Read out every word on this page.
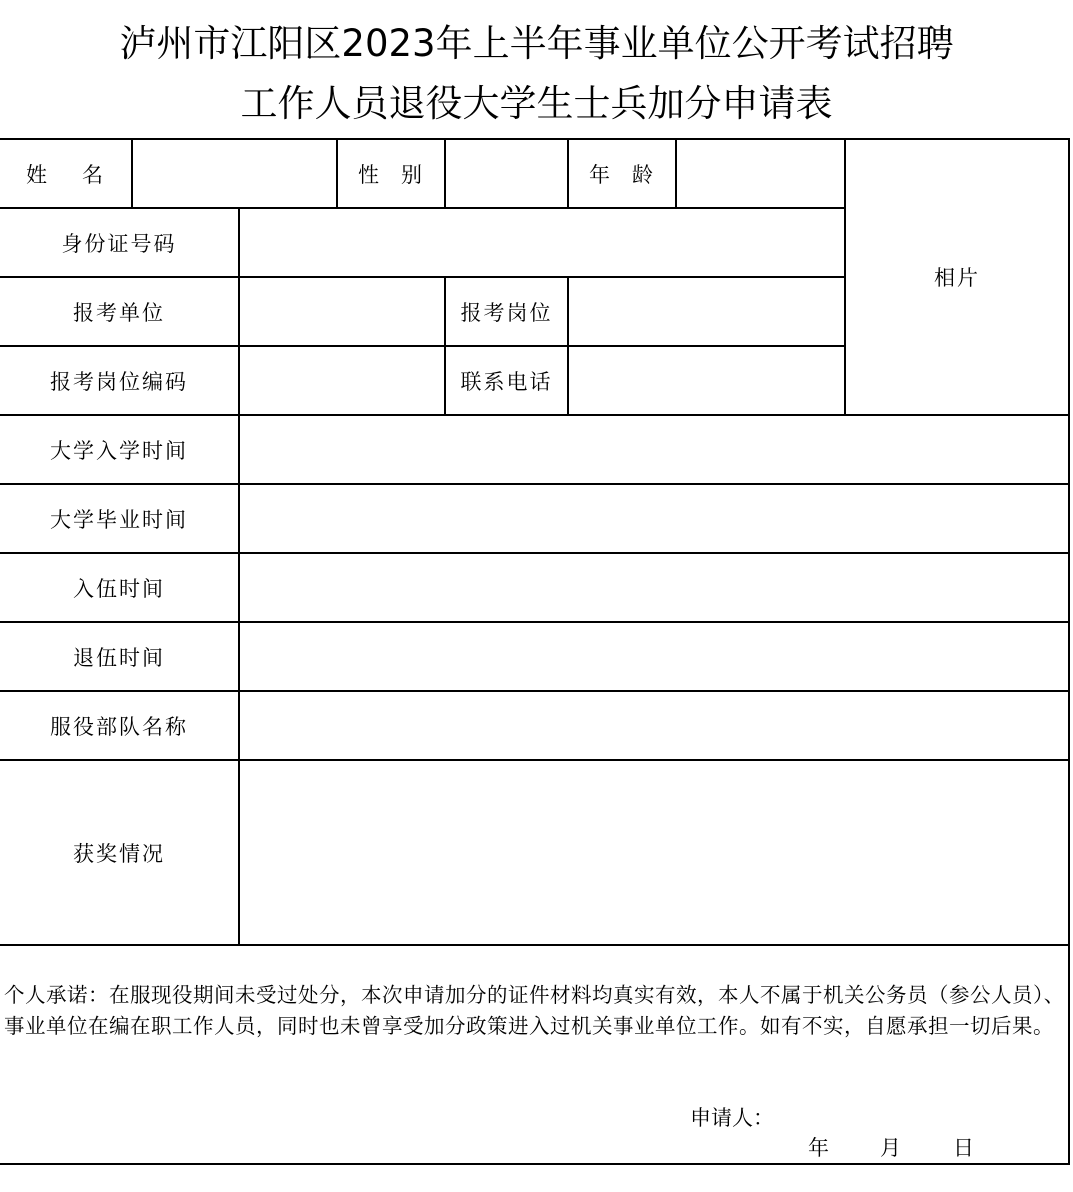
泸州市江阳区2023年上半年事业单位公开考试招聘
工作人员退役大学生士兵加分申请表
姓 名	性 别	年 龄
相片
身份证号码
报考单位	报考岗位
报考岗位编码	联系电话
大学入学时间
大学毕业时间
入伍时间
退伍时间
服役部队名称
获奖情况
个人承诺：在服现役期间未受过处分，本次申请加分的证件材料均真实有效，本人不属于机关公务员（参公人员）、事业单位在编在职工作人员，同时也未曾享受加分政策进入过机关事业单位工作。如有不实，自愿承担一切后果。
申请人：
年 月 日
